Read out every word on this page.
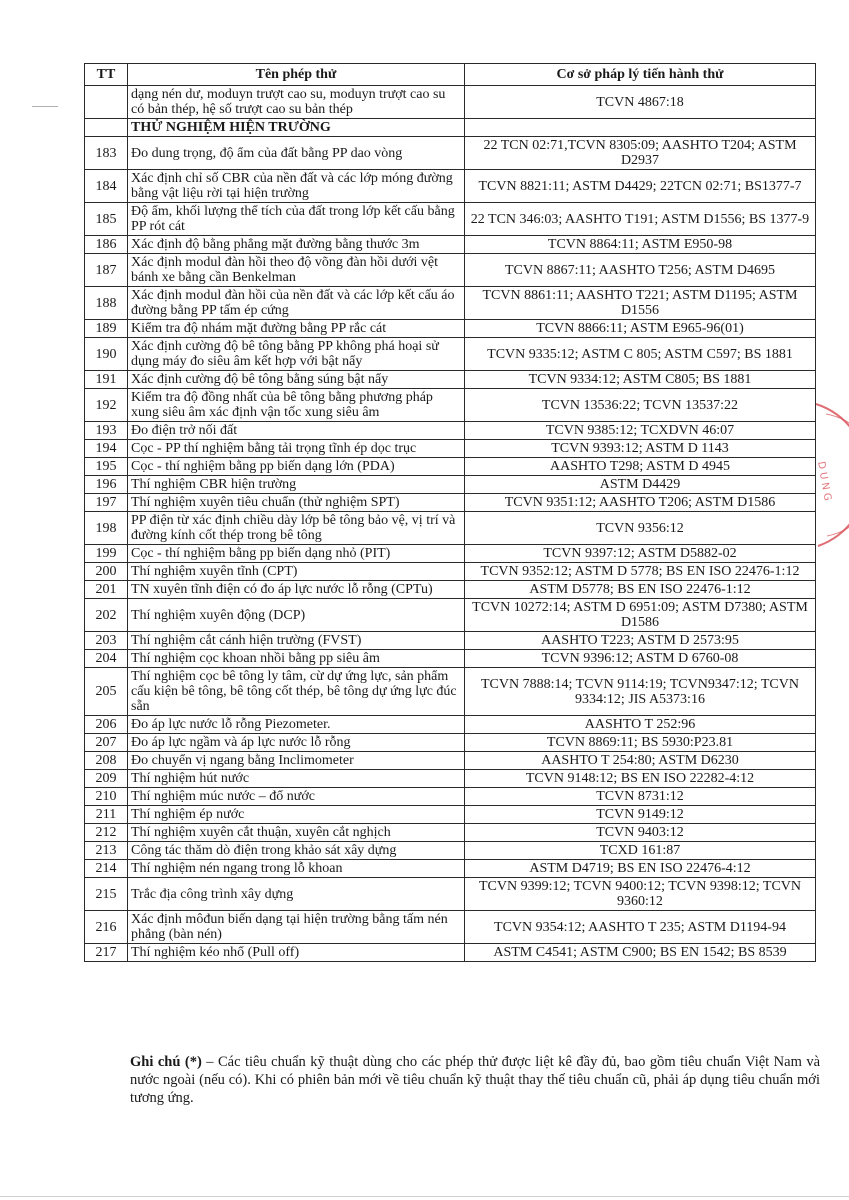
TT	Tên phép thử	Cơ sở pháp lý tiến hành thử
	dạng nén dư, moduyn trượt cao su, moduyn trượt cao su có bản thép, hệ số trượt cao su bản thép	TCVN 4867:18
	THỬ NGHIỆM HIỆN TRƯỜNG	
183	Đo dung trọng, độ ẩm của đất bằng PP dao vòng	22 TCN 02:71,TCVN 8305:09; AASHTO T204; ASTM D2937
184	Xác định chỉ số CBR của nền đất và các lớp móng đường bằng vật liệu rời tại hiện trường	TCVN 8821:11; ASTM D4429; 22TCN 02:71; BS1377-7
185	Độ ẩm, khối lượng thể tích của đất trong lớp kết cấu bằng PP rót cát	22 TCN 346:03; AASHTO T191; ASTM D1556; BS 1377-9
186	Xác định độ bằng phẳng mặt đường bằng thước 3m	TCVN 8864:11; ASTM E950-98
187	Xác định modul đàn hồi theo độ võng đàn hồi dưới vệt bánh xe bằng cần Benkelman	TCVN 8867:11; AASHTO T256; ASTM D4695
188	Xác định modul đàn hồi của nền đất và các lớp kết cấu áo đường bằng PP tấm ép cứng	TCVN 8861:11; AASHTO T221; ASTM D1195; ASTM D1556
189	Kiểm tra độ nhám mặt đường bằng PP rắc cát	TCVN 8866:11; ASTM E965-96(01)
190	Xác định cường độ bê tông bằng PP không phá hoại sử dụng máy đo siêu âm kết hợp với bật nẩy	TCVN 9335:12; ASTM C 805; ASTM C597; BS 1881
191	Xác định cường độ bê tông bằng súng bật nẩy	TCVN 9334:12; ASTM C805; BS 1881
192	Kiểm tra độ đồng nhất của bê tông bằng phương pháp xung siêu âm xác định vận tốc xung siêu âm	TCVN 13536:22; TCVN 13537:22
193	Đo điện trở nối đất	TCVN 9385:12; TCXDVN 46:07
194	Cọc - PP thí nghiệm bằng tải trọng tĩnh ép dọc trục	TCVN 9393:12; ASTM D 1143
195	Cọc - thí nghiệm bằng pp biến dạng lớn (PDA)	AASHTO T298; ASTM D 4945
196	Thí nghiệm CBR hiện trường	ASTM D4429
197	Thí nghiệm xuyên tiêu chuẩn (thử nghiệm SPT)	TCVN 9351:12; AASHTO T206; ASTM D1586
198	PP điện từ xác định chiều dày lớp bê tông bảo vệ, vị trí và đường kính cốt thép trong bê tông	TCVN 9356:12
199	Cọc - thí nghiệm bằng pp biến dạng nhỏ (PIT)	TCVN 9397:12; ASTM D5882-02
200	Thí nghiệm xuyên tĩnh (CPT)	TCVN 9352:12; ASTM D 5778; BS EN ISO 22476-1:12
201	TN xuyên tĩnh điện có đo áp lực nước lỗ rỗng (CPTu)	ASTM D5778; BS EN ISO 22476-1:12
202	Thí nghiệm xuyên động (DCP)	TCVN 10272:14; ASTM D 6951:09; ASTM D7380; ASTM D1586
203	Thí nghiệm cắt cánh hiện trường (FVST)	AASHTO T223; ASTM D 2573:95
204	Thí nghiệm cọc khoan nhồi bằng pp siêu âm	TCVN 9396:12; ASTM D 6760-08
205	Thí nghiệm cọc bê tông ly tâm, cừ dự ứng lực, sản phẩm cấu kiện bê tông, bê tông cốt thép, bê tông dự ứng lực đúc sẵn	TCVN 7888:14; TCVN 9114:19; TCVN9347:12; TCVN 9334:12; JIS A5373:16
206	Đo áp lực nước lỗ rỗng Piezometer.	AASHTO T 252:96
207	Đo áp lực ngầm và áp lực nước lỗ rỗng	TCVN 8869:11; BS 5930:P23.81
208	Đo chuyển vị ngang bằng Inclimometer	AASHTO T 254:80; ASTM D6230
209	Thí nghiệm hút nước	TCVN 9148:12; BS EN ISO 22282-4:12
210	Thí nghiệm múc nước – đổ nước	TCVN 8731:12
211	Thí nghiệm ép nước	TCVN 9149:12
212	Thí nghiệm xuyên cắt thuận, xuyên cắt nghịch	TCVN 9403:12
213	Công tác thăm dò điện trong khảo sát xây dựng	TCXD 161:87
214	Thí nghiệm nén ngang trong lỗ khoan	ASTM D4719; BS EN ISO 22476-4:12
215	Trắc địa công trình xây dựng	TCVN 9399:12; TCVN 9400:12; TCVN 9398:12; TCVN 9360:12
216	Xác định môđun biến dạng tại hiện trường bằng tấm nén phẳng (bàn nén)	TCVN 9354:12; AASHTO T 235; ASTM D1194-94
217	Thí nghiệm kéo nhổ (Pull off)	ASTM C4541; ASTM C900; BS EN 1542; BS 8539
D U N G
Ghi chú (*) – Các tiêu chuẩn kỹ thuật dùng cho các phép thử được liệt kê đầy đủ, bao gồm tiêu chuẩn Việt Nam và nước ngoài (nếu có). Khi có phiên bản mới về tiêu chuẩn kỹ thuật thay thế tiêu chuẩn cũ, phải áp dụng tiêu chuẩn mới tương ứng.
